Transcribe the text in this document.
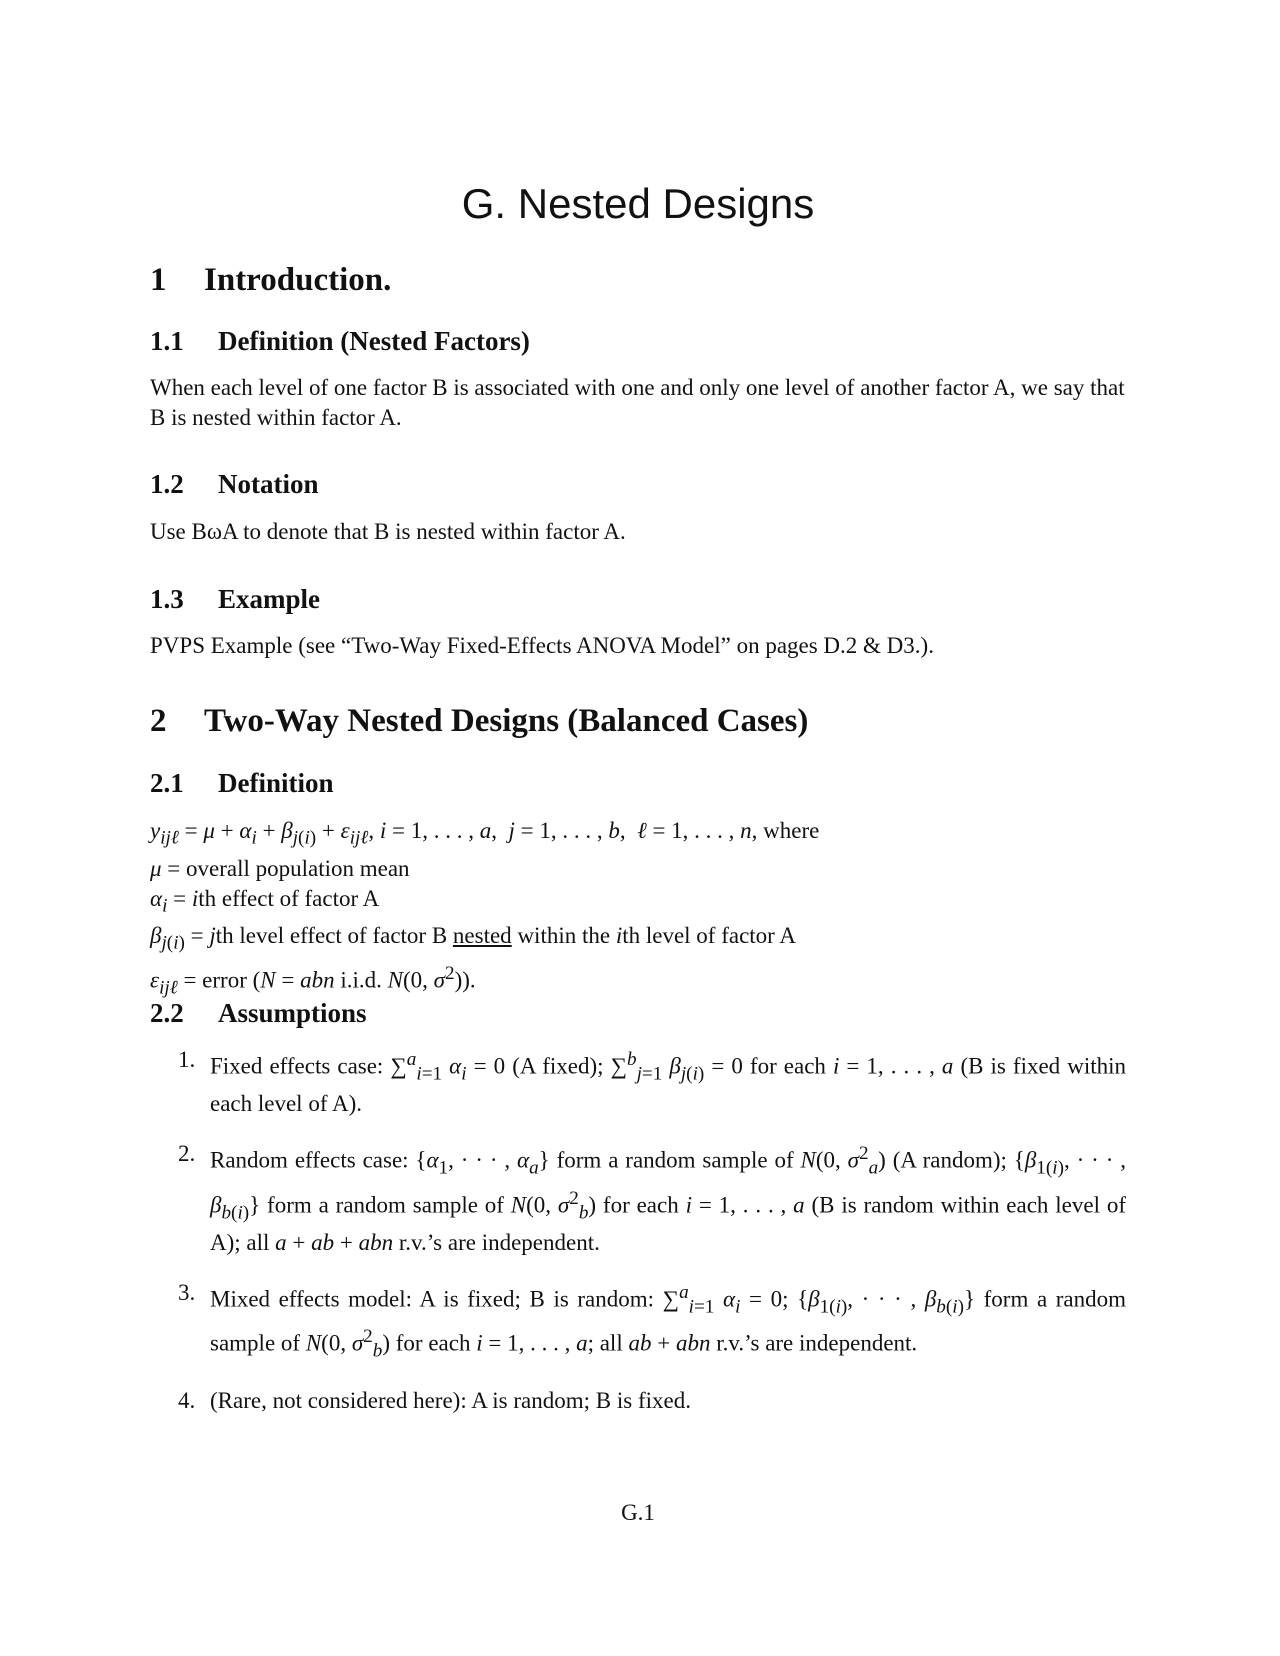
G. Nested Designs
1 Introduction.
1.1 Definition (Nested Factors)

When each level of one factor B is associated with one and only one level of another factor A, we say that B is nested within factor A.

1.2 Notation

Use BωA to denote that B is nested within factor A.

1.3 Example

PVPS Example (see “Two-Way Fixed-Effects ANOVA Model” on pages D.2 & D3.).

2 Two-Way Nested Designs (Balanced Cases)
2.1 Definition
$y_{ij\ell} = \mu + \alpha_i + \beta_{j(i)} + \varepsilon_{ij\ell}$, i = 1, . . . , a,  j = 1, . . . , b,  ℓ = 1, . . . , n, where
μ = overall population mean
$\alpha_i$ = ith effect of factor A
$\beta_{j(i)}$ = jth level effect of factor B nested within the ith level of factor A
$\varepsilon_{ij\ell}$ = error (N = abn i.i.d. N(0, $\sigma^2$)).
2.2 Assumptions
1. Fixed effects case: ∑$^a_{i=1}$ $\alpha_i = 0$ (A fixed); ∑$^b_{j=1}$ $\beta_{j(i)} = 0$ for each i = 1, . . . , a (B is fixed within each level of A).
2. Random effects case: {$\alpha_1$, · · · , $\alpha_a$} form a random sample of N(0, $\sigma^2_a$) (A random); {$\beta_{1(i)}$, · · · , $\beta_{b(i)}$} form a random sample of N(0, $\sigma^2_b$) for each i = 1, . . . , a (B is random within each level of A); all a + ab + abn r.v.’s are independent.
3. Mixed effects model: A is fixed; B is random: ∑$^a_{i=1}$ $\alpha_i = 0$; {$\beta_{1(i)}$, · · · , $\beta_{b(i)}$} form a random sample of N(0, $\sigma^2_b$) for each i = 1, . . . , a; all ab + abn r.v.’s are independent.
4. (Rare, not considered here): A is random; B is fixed.
G.1
